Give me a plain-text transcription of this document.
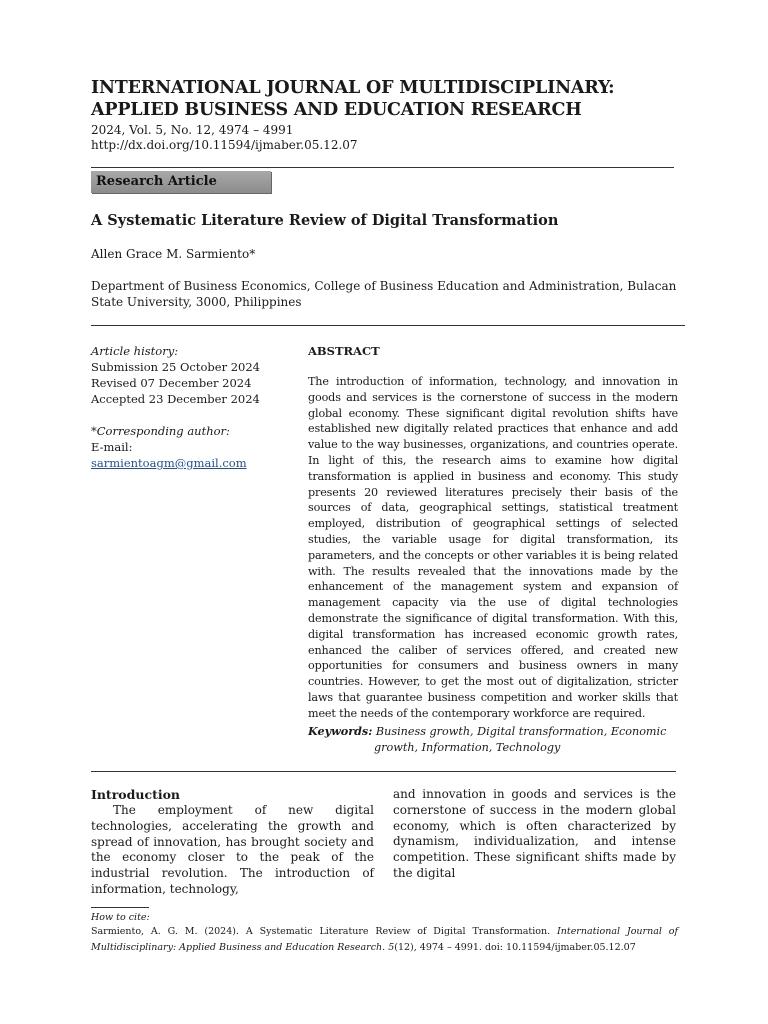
INTERNATIONAL JOURNAL OF MULTIDISCIPLINARY: APPLIED BUSINESS AND EDUCATION RESEARCH
2024, Vol. 5, No. 12, 4974 – 4991
http://dx.doi.org/10.11594/ijmaber.05.12.07
Research Article
A Systematic Literature Review of Digital Transformation
Allen Grace M. Sarmiento*
Department of Business Economics, College of Business Education and Administration, Bulacan State University, 3000, Philippines
Article history:
Submission 25 October 2024
Revised 07 December 2024
Accepted 23 December 2024
*Corresponding author:
E-mail:
sarmientoagm@gmail.com
ABSTRACT
The introduction of information, technology, and innovation in goods and services is the cornerstone of success in the modern global economy. These significant digital revolution shifts have established new digitally related practices that enhance and add value to the way businesses, organizations, and countries operate. In light of this, the research aims to examine how digital transformation is applied in business and economy. This study presents 20 reviewed literatures precisely their basis of the sources of data, geographical settings, statistical treatment employed, distribution of geographical settings of selected studies, the variable usage for digital transformation, its parameters, and the concepts or other variables it is being related with. The results revealed that the innovations made by the enhancement of the management system and expansion of management capacity via the use of digital technologies demonstrate the significance of digital transformation. With this, digital transformation has increased economic growth rates, enhanced the caliber of services offered, and created new opportunities for consumers and business owners in many countries. However, to get the most out of digitalization, stricter laws that guarantee business competition and worker skills that meet the needs of the contemporary workforce are required.
Keywords: Business growth, Digital transformation, Economic
growth, Information, Technology
Introduction
The employment of new digital technologies, accelerating the growth and spread of innovation, has brought society and the economy closer to the peak of the industrial revolution. The introduction of information, technology,
and innovation in goods and services is the cornerstone of success in the modern global economy, which is often characterized by dynamism, individualization, and intense competition. These significant shifts made by the digital
How to cite:
Sarmiento, A. G. M. (2024). A Systematic Literature Review of Digital Transformation. International Journal of Multidisciplinary: Applied Business and Education Research. 5(12), 4974 – 4991. doi: 10.11594/ijmaber.05.12.07
